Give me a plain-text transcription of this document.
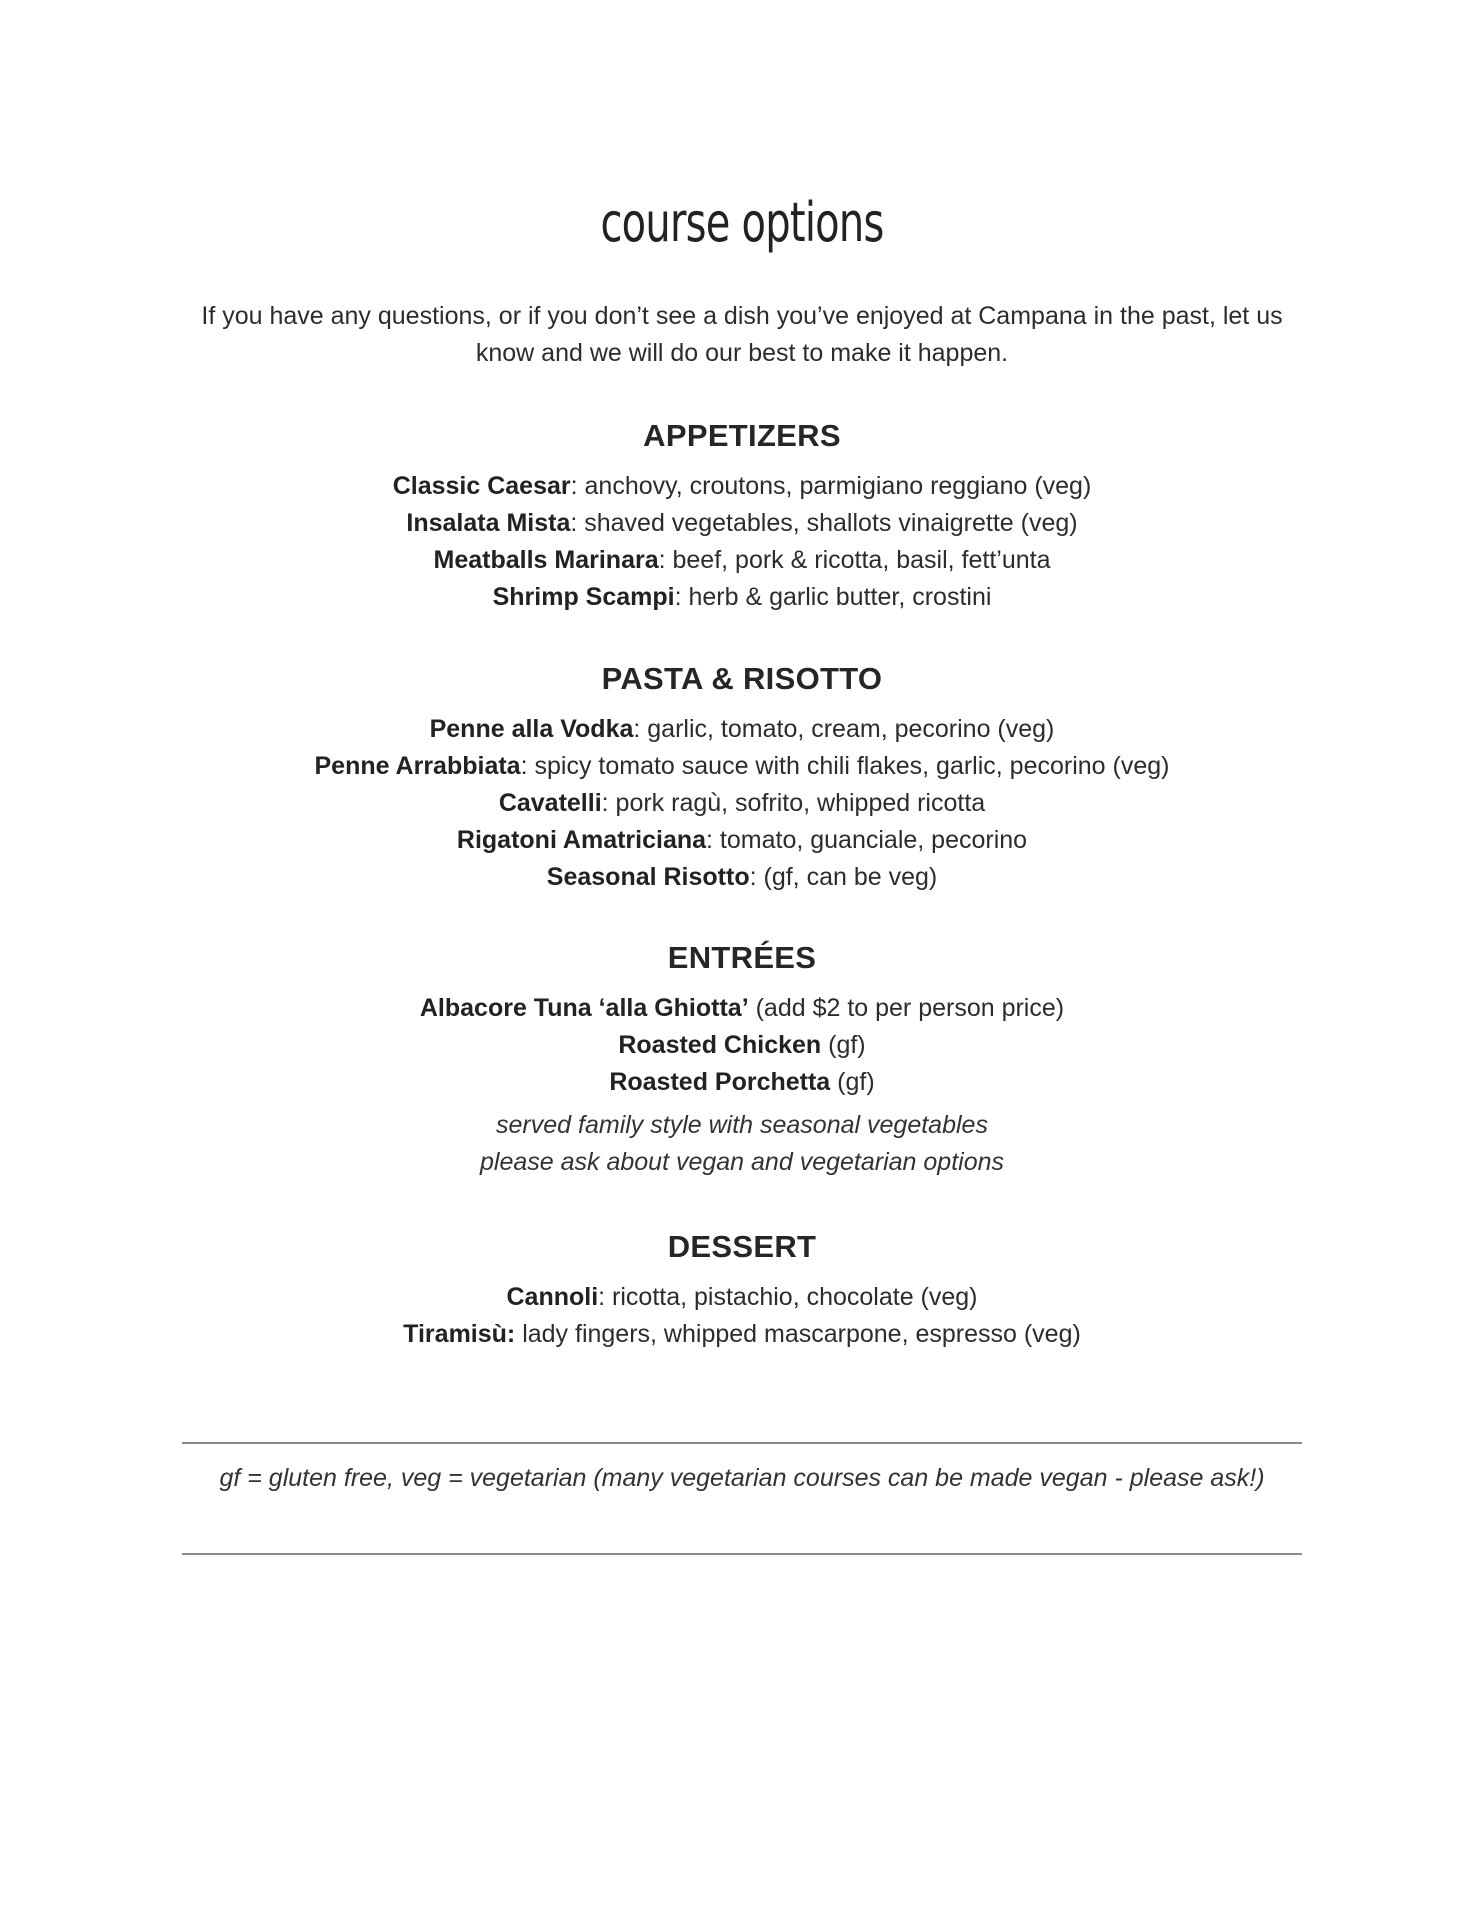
course options

If you have any questions, or if you don’t see a dish you’ve enjoyed at Campana in the past, let us know and we will do our best to make it happen.

APPETIZERS
Classic Caesar: anchovy, croutons, parmigiano reggiano (veg)
Insalata Mista: shaved vegetables, shallots vinaigrette (veg)
Meatballs Marinara: beef, pork & ricotta, basil, fett’unta
Shrimp Scampi: herb & garlic butter, crostini
PASTA & RISOTTO
Penne alla Vodka: garlic, tomato, cream, pecorino (veg)
Penne Arrabbiata: spicy tomato sauce with chili flakes, garlic, pecorino (veg)
Cavatelli: pork ragù, sofrito, whipped ricotta
Rigatoni Amatriciana: tomato, guanciale, pecorino
Seasonal Risotto: (gf, can be veg)
ENTRÉES
Albacore Tuna ‘alla Ghiotta’ (add $2 to per person price)
Roasted Chicken (gf)
Roasted Porchetta (gf)
served family style with seasonal vegetables
please ask about vegan and vegetarian options
DESSERT
Cannoli: ricotta, pistachio, chocolate (veg)
Tiramisù: lady fingers, whipped mascarpone, espresso (veg)

gf = gluten free, veg = vegetarian (many vegetarian courses can be made vegan - please ask!)
